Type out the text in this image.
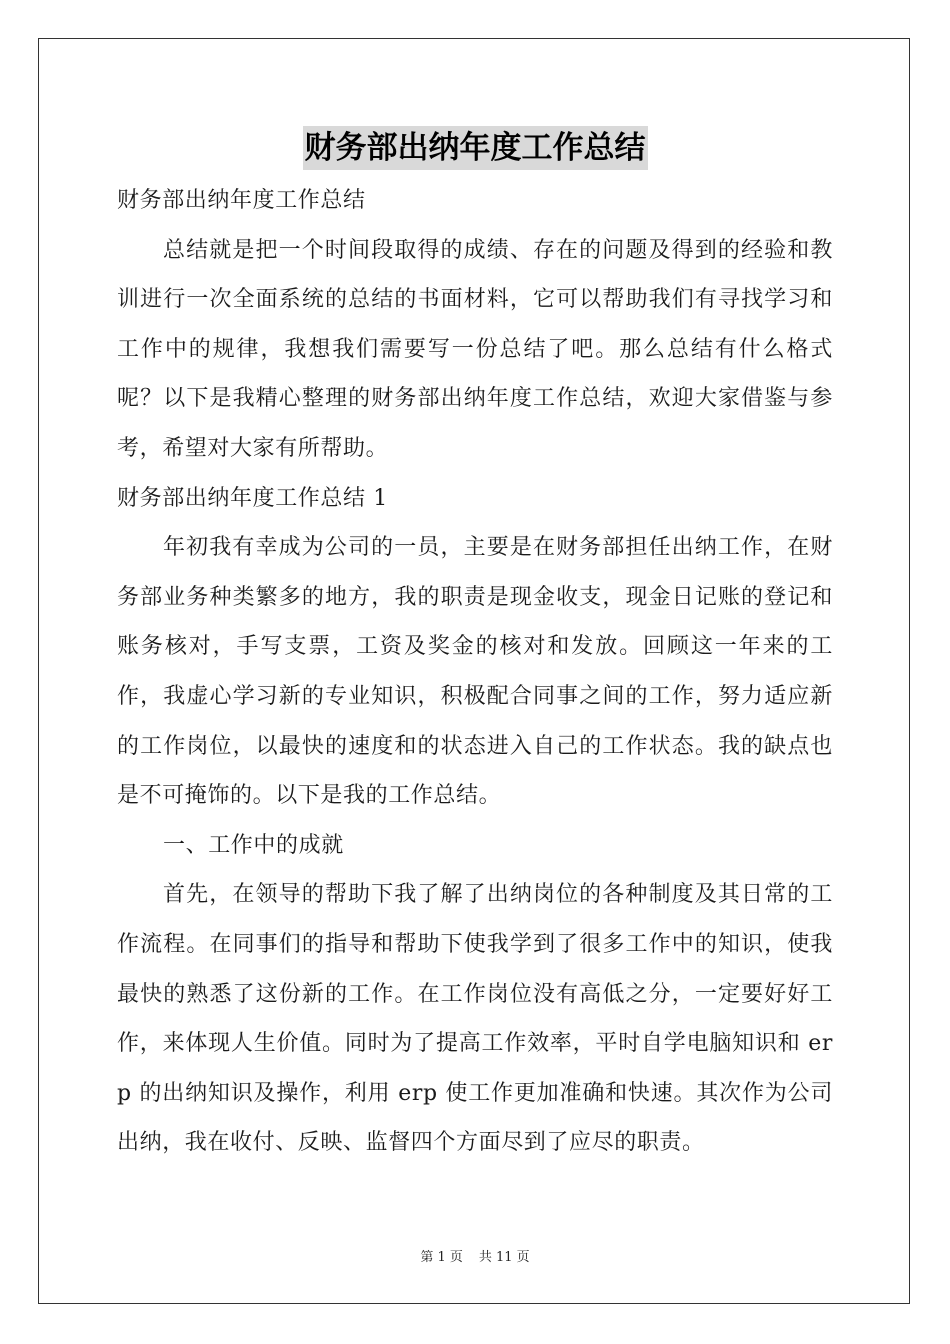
财务部出纳年度工作总结

财务部出纳年度工作总结

总结就是把一个时间段取得的成绩、存在的问题及得到的经验和教训进行一次全面系统的总结的书面材料，它可以帮助我们有寻找学习和工作中的规律，我想我们需要写一份总结了吧。那么总结有什么格式呢？以下是我精心整理的财务部出纳年度工作总结，欢迎大家借鉴与参考，希望对大家有所帮助。

财务部出纳年度工作总结 1

年初我有幸成为公司的一员，主要是在财务部担任出纳工作，在财务部业务种类繁多的地方，我的职责是现金收支，现金日记账的登记和账务核对，手写支票，工资及奖金的核对和发放。回顾这一年来的工作，我虚心学习新的专业知识，积极配合同事之间的工作，努力适应新的工作岗位，以最快的速度和的状态进入自己的工作状态。我的缺点也是不可掩饰的。以下是我的工作总结。

一、工作中的成就

首先，在领导的帮助下我了解了出纳岗位的各种制度及其日常的工作流程。在同事们的指导和帮助下使我学到了很多工作中的知识，使我最快的熟悉了这份新的工作。在工作岗位没有高低之分，一定要好好工作，来体现人生价值。同时为了提高工作效率，平时自学电脑知识和 erp 的出纳知识及操作，利用 erp 使工作更加准确和快速。其次作为公司出纳，我在收付、反映、监督四个方面尽到了应尽的职责。

第 1 页 共 11 页
